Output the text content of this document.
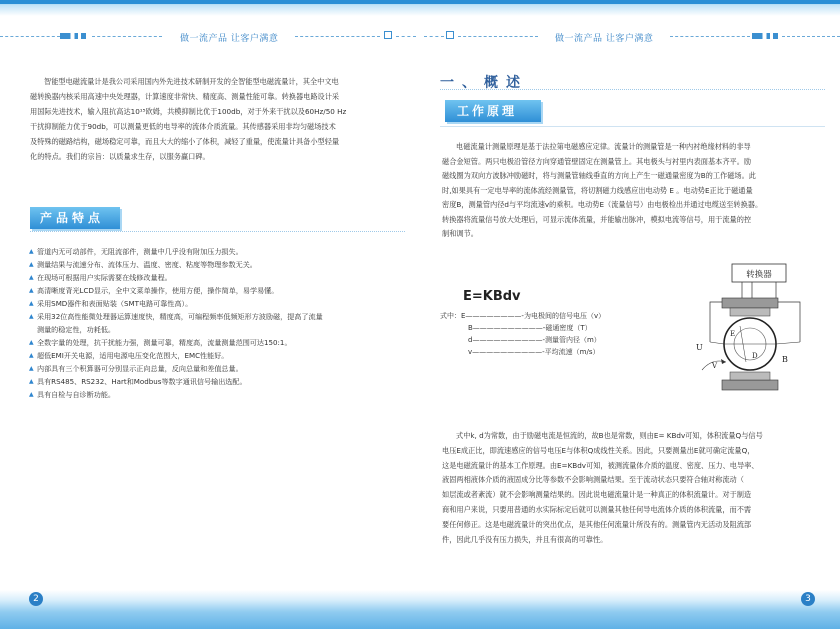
做一流产品 让客户满意	做一流产品 让客户满意
智能型电磁流量计是我公司采用国内外先进技术研制开发的全智能型电磁流量计，其全中文电
磁转换器内核采用高速中央处理器，计算速度非常快、精度高、测量性能可靠。转换器电路设计采
用国际先进技术，输入阻抗高达10¹⁵欧姆，共模抑制比优于100db，对于外来干扰以及60Hz/50 Hz
干扰抑制能力优于90db，可以测量更低的电导率的流体介质流量。其传感器采用非均匀磁场技术
及特殊的磁路结构，磁场稳定可靠，而且大大的缩小了体积，减轻了重量，使流量计具备小型轻量
化的特点。我们的宗旨：以质量求生存，以服务赢口碑。
产品特点
▲ 管道内无可动部件，无阻流部件，测量中几乎没有附加压力损失。
▲ 测量结果与流速分布、流体压力、温度、密度、粘度等物理参数无关。
▲ 在现场可根据用户实际需要在线修改量程。
▲ 高清晰度背光LCD显示，全中文菜单操作，使用方便，操作简单，易学易懂。
▲ 采用SMD器件和表面贴装（SMT电路可靠性高）。
▲ 采用32位高性能微处理器运算速度快，精度高，可编程频率低频矩形方波励磁，提高了流量
测量的稳定性，功耗低。
▲ 全数字量的处理，抗干扰能力强，测量可靠，精度高，流量测量范围可达150:1。
▲ 超低EMI开关电源，适用电源电压变化范围大，EMC性能好。
▲ 内部具有三个积算器可分别显示正向总量，反向总量和差值总量。
▲ 具有RS485、RS232、Hart和Modbus等数字通讯信号输出选配。
▲ 具有自检与自诊断功能。
一、概述
工作原理
电磁流量计测量原理是基于法拉第电磁感应定律。流量计的测量管是一种内衬绝缘材料的非导
磁合金短管。两只电极沿管径方向穿通管壁固定在测量管上。其电极头与衬里内表面基本齐平。励
磁线圈为双向方波脉冲励磁时，将与测量管轴线垂直的方向上产生一磁通量密度为B的工作磁场。此
时,如果具有一定电导率的流体流经测量管，将切割磁力线感应出电动势 E 。电动势E正比于磁通量
密度B，测量管内径d与平均流速v的乘积。电动势E（流量信号）由电极检出并通过电缆送至转换器。
转换器将流量信号放大处理后，可显示流体流量，并能输出脉冲，模拟电流等信号，用于流量的控
制和调节。
E=KBdv
式中：E————————-为电极间的信号电压（v）
B——————————-磁通密度（T）
d——————————-测量管内径（m）
v——————————-平均流速（m/s）
转换器
U
B
D
V
E
式中k, d为常数，由于励磁电流是恒流的，故B也是常数，则由E= KBdv可知，体积流量Q与信号
电压E成正比，即流速感应的信号电压E与体积Q成线性关系。因此，只要测量出E就可确定流量Q，
这是电磁流量计的基本工作原理。由E=KBdv可知，被测流量体介质的温度、密度、压力、电导率、
液固两相液体介质的液固成分比等参数不会影响测量结果。至于流动状态只要符合轴对称流动（
如层流或者紊流）就不会影响测量结果的。因此说电磁流量计是一种真正的体积流量计。对于制造
商和用户来说，只要用普通的水实际标定后就可以测量其他任何导电流体介质的体积流量，而不需
要任何修正。这是电磁流量计的突出优点，是其他任何流量计所没有的。测量管内无活动及阻流部
件，因此几乎没有压力损失，并且有很高的可靠性。
2	3
